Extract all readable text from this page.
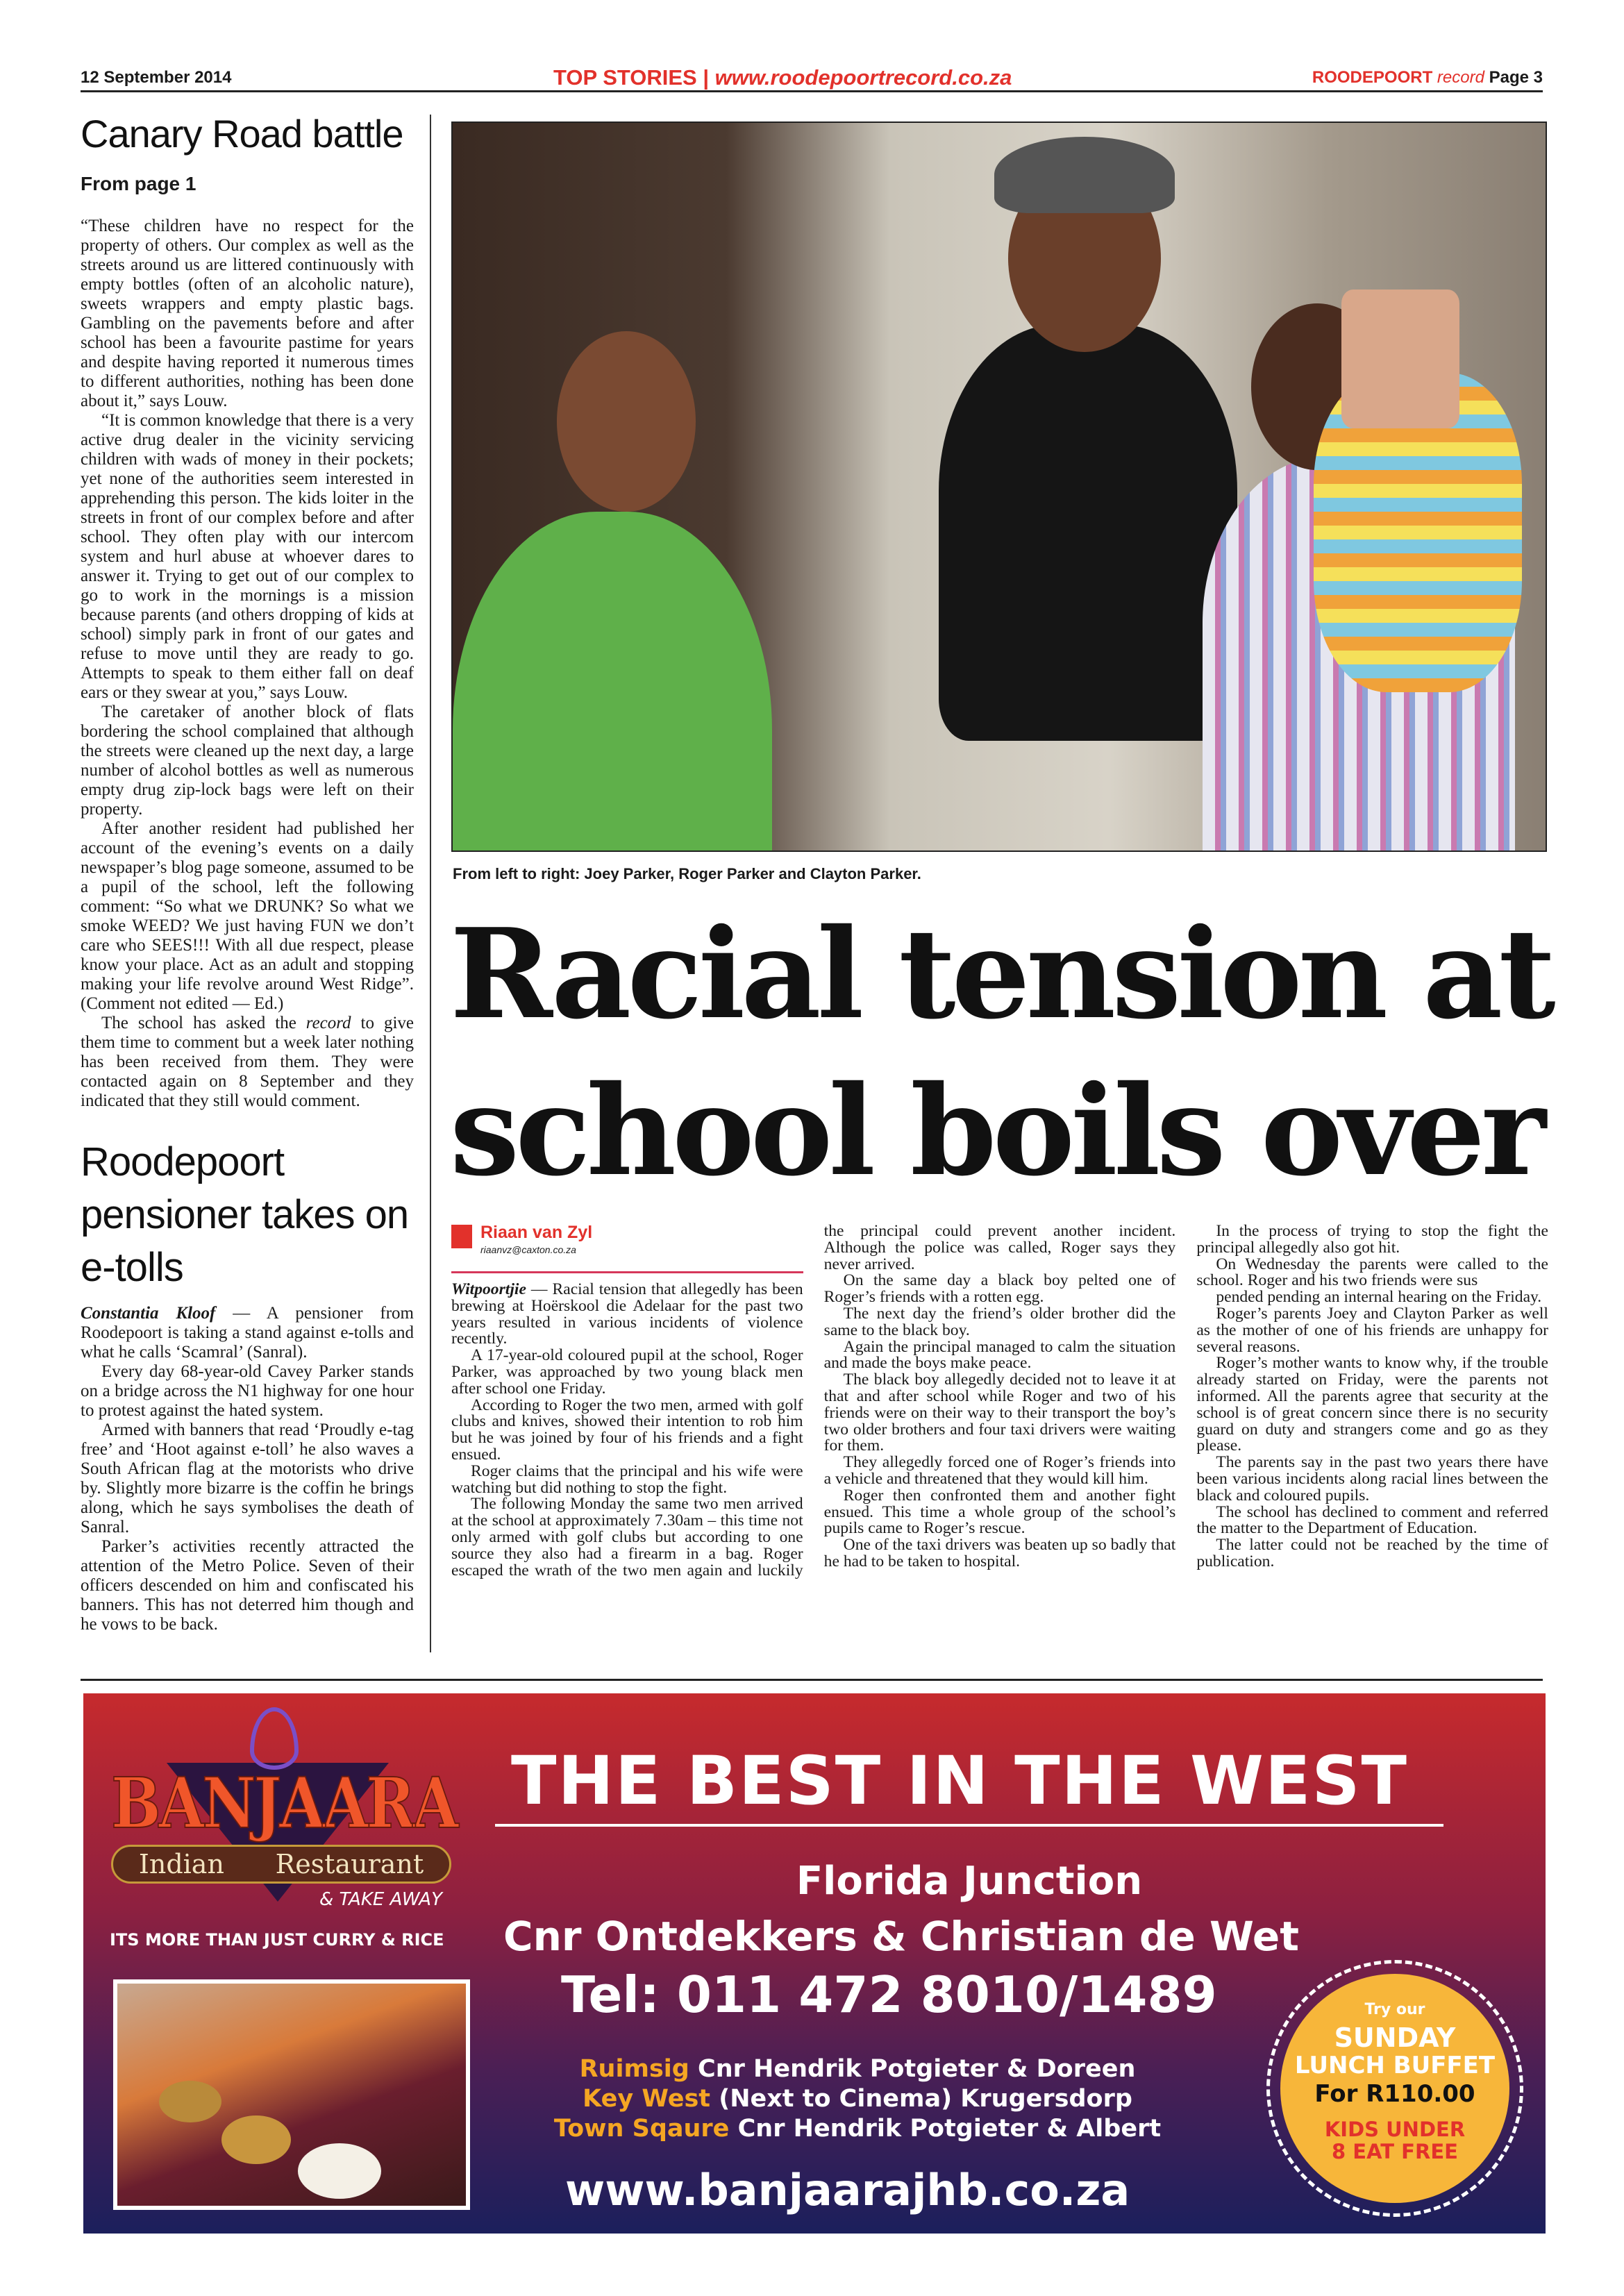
12 September 2014	TOP STORIES | www.roodepoortrecord.co.za	ROODEPOORT record Page 3
Canary Road battle
From page 1

“These children have no respect for the property of others. Our complex as well as the streets around us are littered continuously with empty bottles (often of an alcoholic nature), sweets wrappers and empty plastic bags. Gambling on the pavements before and after school has been a favourite pastime for years and despite having reported it numerous times to different authorities, nothing has been done about it,” says Louw.

“It is common knowledge that there is a very active drug dealer in the vicinity servicing children with wads of money in their pockets; yet none of the authorities seem interested in apprehending this person. The kids loiter in the streets in front of our complex before and after school. They often play with our intercom system and hurl abuse at whoever dares to answer it. Trying to get out of our complex to go to work in the mornings is a mission because parents (and others dropping of kids at school) simply park in front of our gates and refuse to move until they are ready to go. Attempts to speak to them either fall on deaf ears or they swear at you,” says Louw.

The caretaker of another block of flats bordering the school complained that although the streets were cleaned up the next day, a large number of alcohol bottles as well as numerous empty drug zip-lock bags were left on their property.

After another resident had published her account of the evening’s events on a daily newspaper’s blog page someone, assumed to be a pupil of the school, left the following comment: “So what we DRUNK? So what we smoke WEED? We just having FUN we don’t care who SEES!!! With all due respect, please know your place. Act as an adult and stopping making your life revolve around West Ridge”. (Comment not edited — Ed.)

The school has asked the record to give them time to comment but a week later nothing has been received from them. They were contacted again on 8 September and they indicated that they still would comment.

Roodepoort pensioner takes on e-tolls

Constantia Kloof — A pensioner from Roodepoort is taking a stand against e-tolls and what he calls ‘Scamral’ (Sanral).

Every day 68-year-old Cavey Parker stands on a bridge across the N1 highway for one hour to protest against the hated system.

Armed with banners that read ‘Proudly e-tag free’ and ‘Hoot against e-toll’ he also waves a South African flag at the motorists who drive by. Slightly more bizarre is the coffin he brings along, which he says symbolises the death of Sanral.

Parker’s activities recently attracted the attention of the Metro Police. Seven of their officers descended on him and confiscated his banners. This has not deterred him though and he vows to be back.

From left to right: Joey Parker, Roger Parker and Clayton Parker.
Racial tension at
school boils over
Riaan van Zyl
riaanvz@caxton.co.za

Witpoortjie — Racial tension that allegedly has been brewing at Hoërskool die Adelaar for the past two years resulted in various incidents of violence recently.

A 17-year-old coloured pupil at the school, Roger Parker, was approached by two young black men after school one Friday.

According to Roger the two men, armed with golf clubs and knives, showed their intention to rob him but he was joined by four of his friends and a fight ensued.

Roger claims that the principal and his wife were watching but did nothing to stop the fight.

The following Monday the same two men arrived at the school at approximately 7.30am – this time not only armed with golf clubs but according to one source they also had a firearm in a bag. Roger escaped the wrath of the two men again and luckily the principal could prevent another incident. Although the police was called, Roger says they never arrived.

On the same day a black boy pelted one of Roger’s friends with a rotten egg.

The next day the friend’s older brother did the same to the black boy.

Again the principal managed to calm the situation and made the boys make peace.

The black boy allegedly decided not to leave it at that and after school while Roger and two of his friends were on their way to their transport the boy’s two older brothers and four taxi drivers were waiting for them.

They allegedly forced one of Roger’s friends into a vehicle and threatened that they would kill him.

Roger then confronted them and another fight ensued. This time a whole group of the school’s pupils came to Roger’s rescue.

One of the taxi drivers was beaten up so badly that he had to be taken to hospital.

In the process of trying to stop the fight the principal allegedly also got hit.

On Wednesday the parents were called to the school. Roger and his two friends were sus

pended pending an internal hearing on the Friday.

Roger’s parents Joey and Clayton Parker as well as the mother of one of his friends are unhappy for several reasons.

Roger’s mother wants to know why, if the trouble already started on Friday, were the parents not informed. All the parents agree that security at the school is of great concern since there is no security guard on duty and strangers come and go as they please.

The parents say in the past two years there have been various incidents along racial lines between the black and coloured pupils.

The school has declined to comment and referred the matter to the Department of Education.

The latter could not be reached by the time of publication.

BANJAARA
Indian Restaurant
& TAKE AWAY
ITS MORE THAN JUST CURRY & RICE
THE BEST IN THE WEST
Florida Junction
Cnr Ontdekkers & Christian de Wet
Tel: 011 472 8010/1489
Ruimsig Cnr Hendrik Potgieter & Doreen
Key West (Next to Cinema) Krugersdorp
Town Sqaure Cnr Hendrik Potgieter & Albert
www.banjaarajhb.co.za
Try our
SUNDAY
LUNCH BUFFET
For R110.00
KIDS UNDER
8 EAT FREE
